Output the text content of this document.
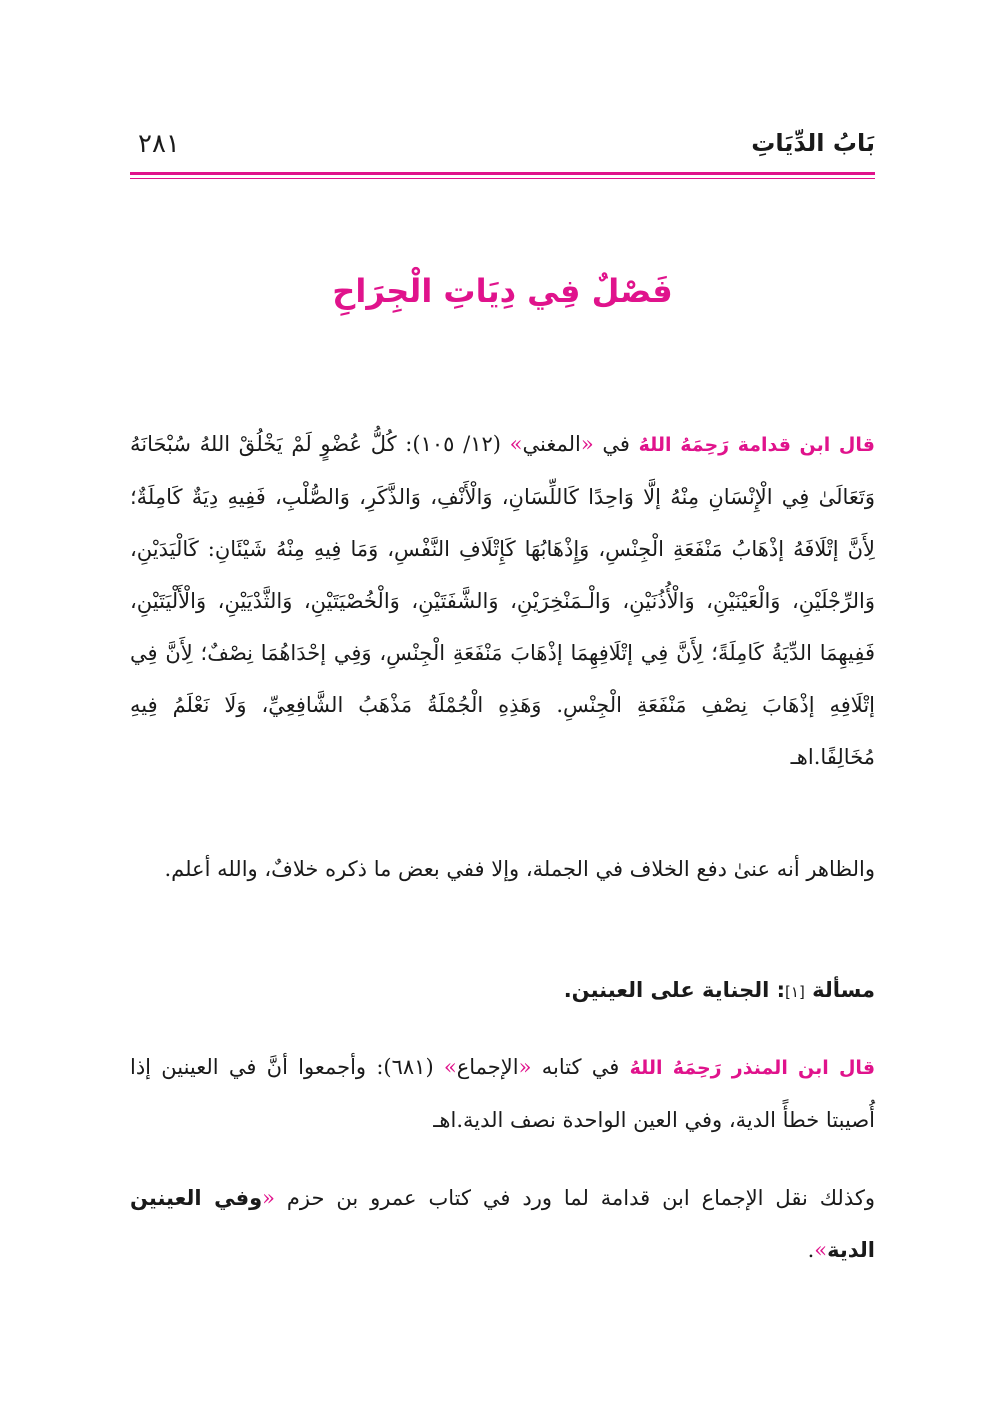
بَابُ الدِّيَاتِ
٢٨١
فَصْلٌ فِي دِيَاتِ الْجِرَاحِ
قال ابن قدامة رَحِمَهُ اللهُ في «المغني» (١٢/ ١٠٥): كُلُّ عُضْوٍ لَمْ يَخْلُقْ اللهُ سُبْحَانَهُ وَتَعَالَىٰ فِي الْإِنْسَانِ مِنْهُ إلَّا وَاحِدًا كَاللِّسَانِ، وَالْأَنْفِ، وَالذَّكَرِ، وَالصُّلْبِ، فَفِيهِ دِيَةٌ كَامِلَةٌ؛ لِأَنَّ إتْلَافَهُ إذْهَابُ مَنْفَعَةِ الْجِنْسِ، وَإِذْهَابُهَا كَإِتْلَافِ النَّفْسِ، وَمَا فِيهِ مِنْهُ شَيْئَانِ: كَالْيَدَيْنِ، وَالرِّجْلَيْنِ، وَالْعَيْنَيْنِ، وَالْأُذُنَيْنِ، وَالْـمَنْخِرَيْنِ، وَالشَّفَتَيْنِ، وَالْخُصْيَتَيْنِ، وَالثَّدْيَيْنِ، وَالْأَلْيَتَيْنِ، فَفِيهِمَا الدِّيَةُ كَامِلَةً؛ لِأَنَّ فِي إتْلَافِهِمَا إذْهَابَ مَنْفَعَةِ الْجِنْسِ، وَفِي إحْدَاهُمَا نِصْفٌ؛ لِأَنَّ فِي إتْلَافِهِ إذْهَابَ نِصْفِ مَنْفَعَةِ الْجِنْسِ. وَهَذِهِ الْجُمْلَةُ مَذْهَبُ الشَّافِعِيِّ، وَلَا نَعْلَمُ فِيهِ مُخَالِفًا.اهـ
والظاهر أنه عنىٰ دفع الخلاف في الجملة، وإلا ففي بعض ما ذكره خلافٌ، والله أعلم.
مسألة [١]: الجناية على العينين.
قال ابن المنذر رَحِمَهُ اللهُ في كتابه «الإجماع» (٦٨١): وأجمعوا أنَّ في العينين إذا أُصيبتا خطأً الدية، وفي العين الواحدة نصف الدية.اهـ
وكذلك نقل الإجماع ابن قدامة لما ورد في كتاب عمرو بن حزم «وفي العينين الدية».
